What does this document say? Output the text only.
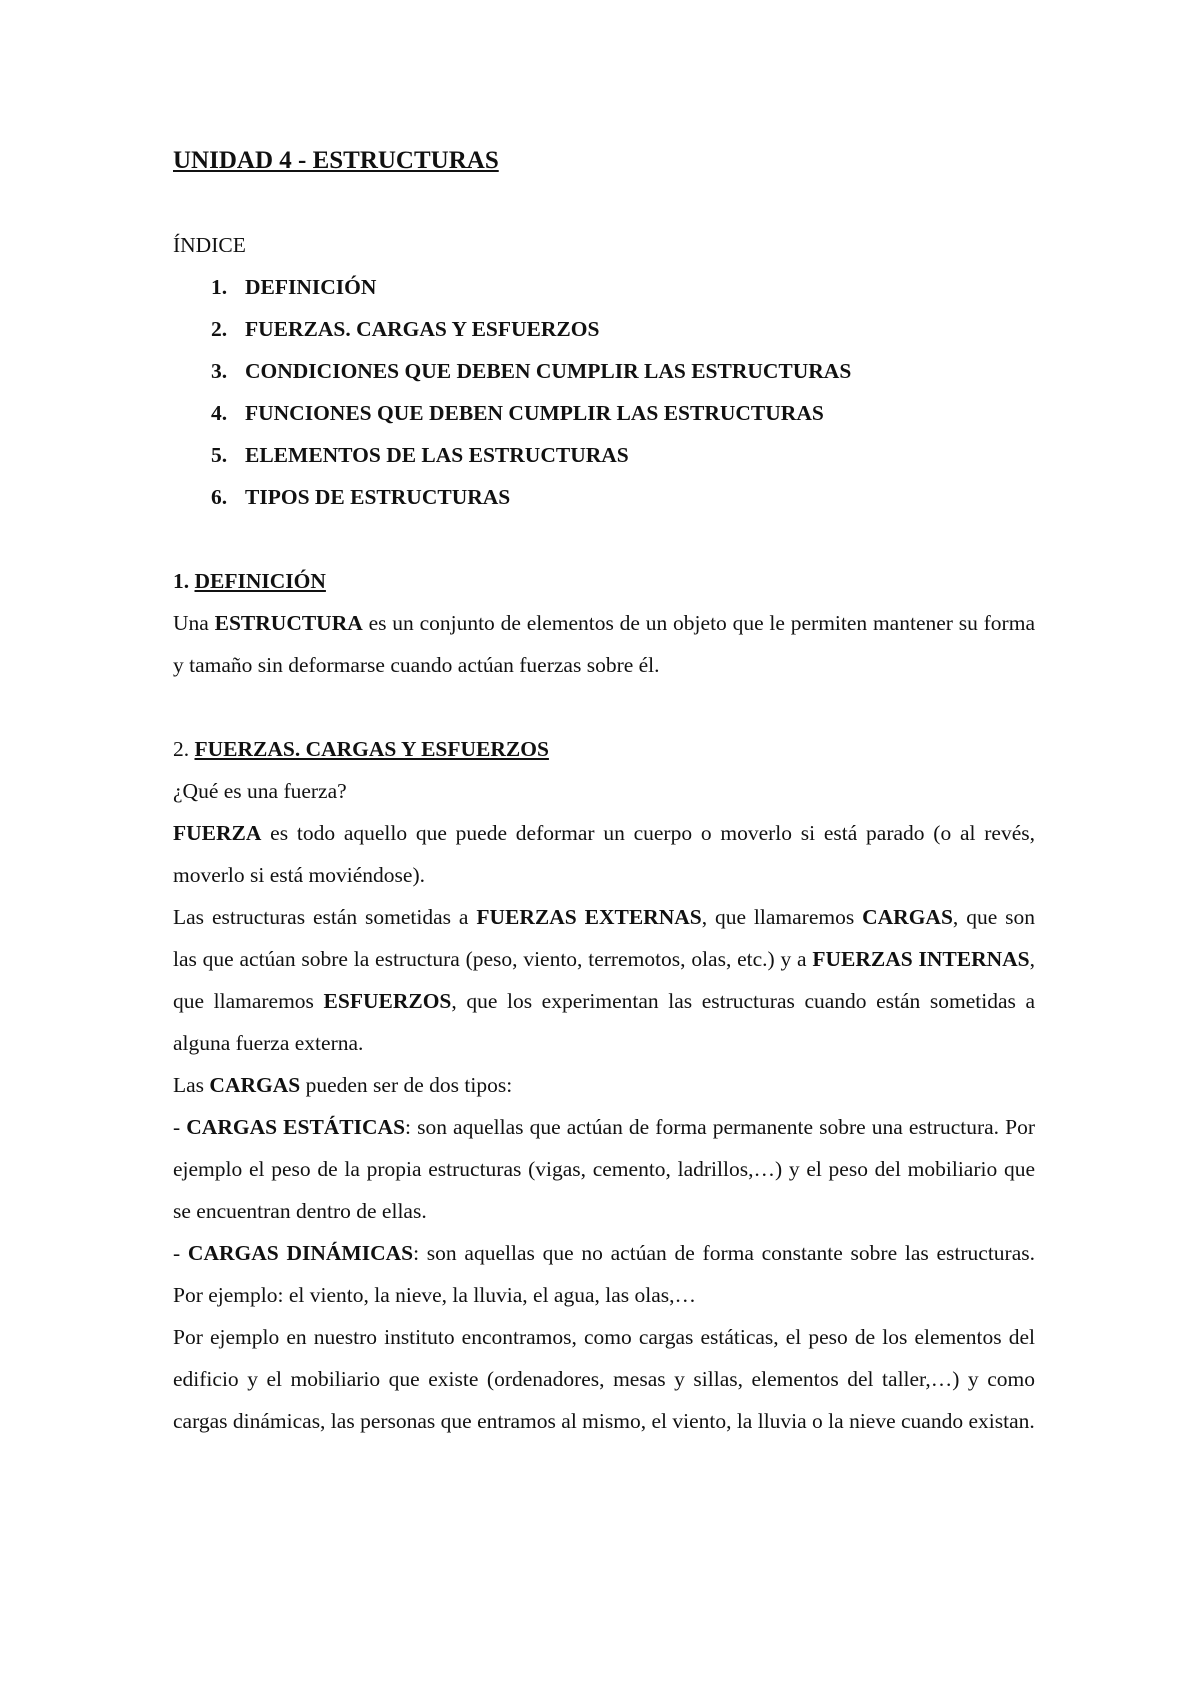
UNIDAD 4 - ESTRUCTURAS
ÍNDICE
1. DEFINICIÓN
2. FUERZAS. CARGAS Y ESFUERZOS
3. CONDICIONES QUE DEBEN CUMPLIR LAS ESTRUCTURAS
4. FUNCIONES QUE DEBEN CUMPLIR LAS ESTRUCTURAS
5. ELEMENTOS DE LAS ESTRUCTURAS
6. TIPOS DE ESTRUCTURAS
1. DEFINICIÓN

Una ESTRUCTURA es un conjunto de elementos de un objeto que le permiten mantener su forma y tamaño sin deformarse cuando actúan fuerzas sobre él.

2. FUERZAS. CARGAS Y ESFUERZOS

¿Qué es una fuerza?

FUERZA es todo aquello que puede deformar un cuerpo o moverlo si está parado (o al revés, moverlo si está moviéndose).

Las estructuras están sometidas a FUERZAS EXTERNAS, que llamaremos CARGAS, que son las que actúan sobre la estructura (peso, viento, terremotos, olas, etc.) y a FUERZAS INTERNAS, que llamaremos ESFUERZOS, que los experimentan las estructuras cuando están sometidas a alguna fuerza externa.

Las CARGAS pueden ser de dos tipos:

- CARGAS ESTÁTICAS: son aquellas que actúan de forma permanente sobre una estructura. Por ejemplo el peso de la propia estructuras (vigas, cemento, ladrillos,…) y el peso del mobiliario que se encuentran dentro de ellas.

- CARGAS DINÁMICAS: son aquellas que no actúan de forma constante sobre las estructuras. Por ejemplo: el viento, la nieve, la lluvia, el agua, las olas,…

Por ejemplo en nuestro instituto encontramos, como cargas estáticas, el peso de los elementos del edificio y el mobiliario que existe (ordenadores, mesas y sillas, elementos del taller,…) y como cargas dinámicas, las personas que entramos al mismo, el viento, la lluvia o la nieve cuando existan.
